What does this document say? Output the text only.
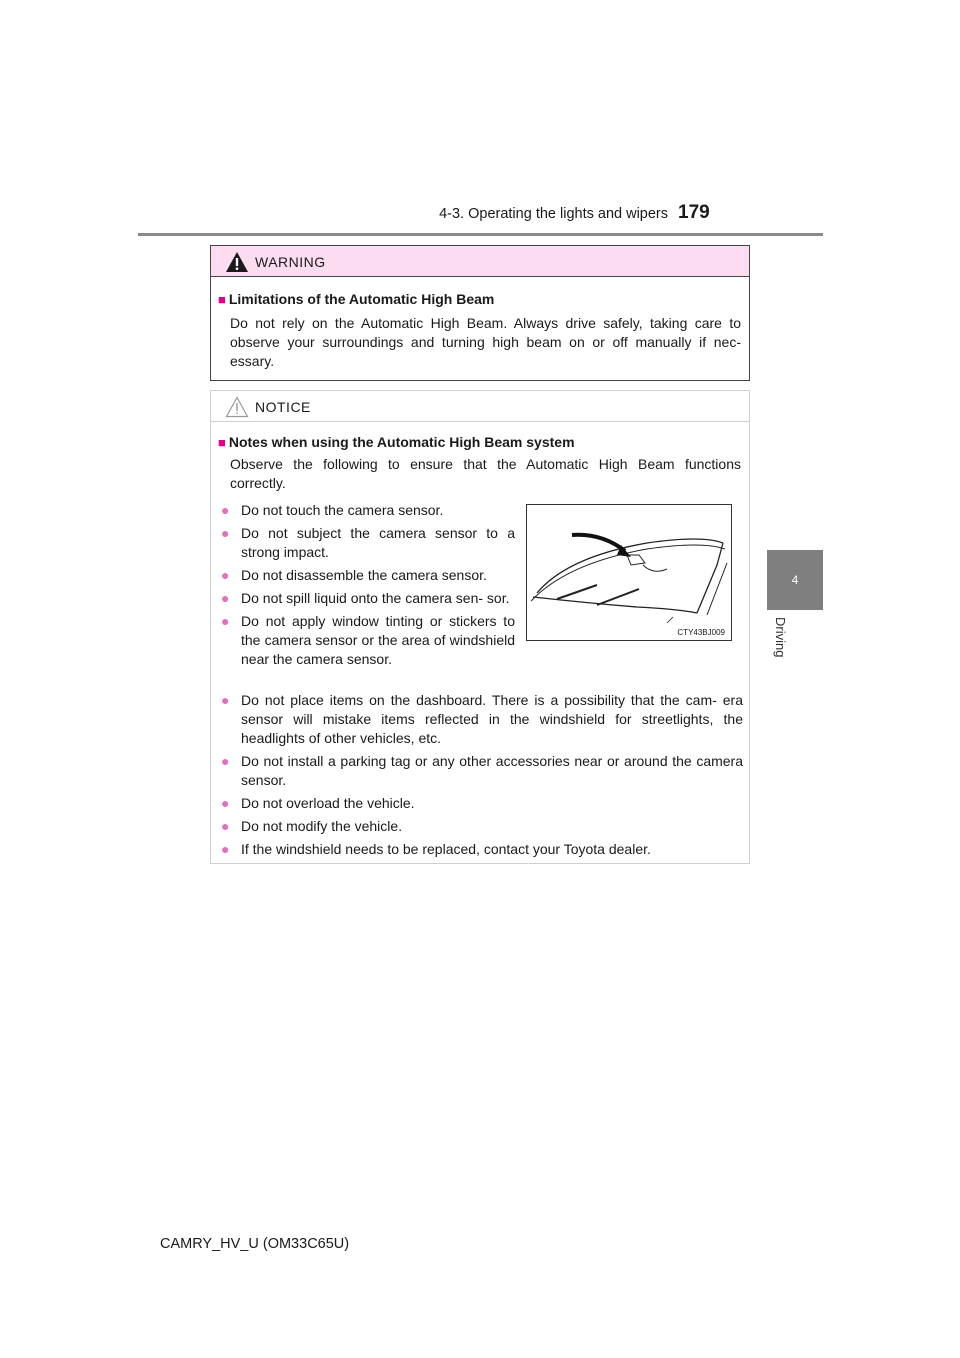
4-3. Operating the lights and wipers 179
4
Driving
WARNING
■ Limitations of the Automatic High Beam
Do not rely on the Automatic High Beam. Always drive safely, taking care to
observe your surroundings and turning high beam on or off manually if nec-
essary.
NOTICE
■ Notes when using the Automatic High Beam system
Observe the following to ensure that the Automatic High Beam functions
correctly.
● Do not touch the camera sensor.
● Do not subject the camera sensor to a strong impact.
● Do not disassemble the camera sensor.
● Do not spill liquid onto the camera sen- sor.
● Do not apply window tinting or stickers to the camera sensor or the area of windshield near the camera sensor.
CTY43BJ009
● Do not place items on the dashboard. There is a possibility that the cam- era sensor will mistake items reflected in the windshield for streetlights, the headlights of other vehicles, etc.
● Do not install a parking tag or any other accessories near or around the camera sensor.
● Do not overload the vehicle.
● Do not modify the vehicle.
● If the windshield needs to be replaced, contact your Toyota dealer.
CAMRY_HV_U (OM33C65U)
